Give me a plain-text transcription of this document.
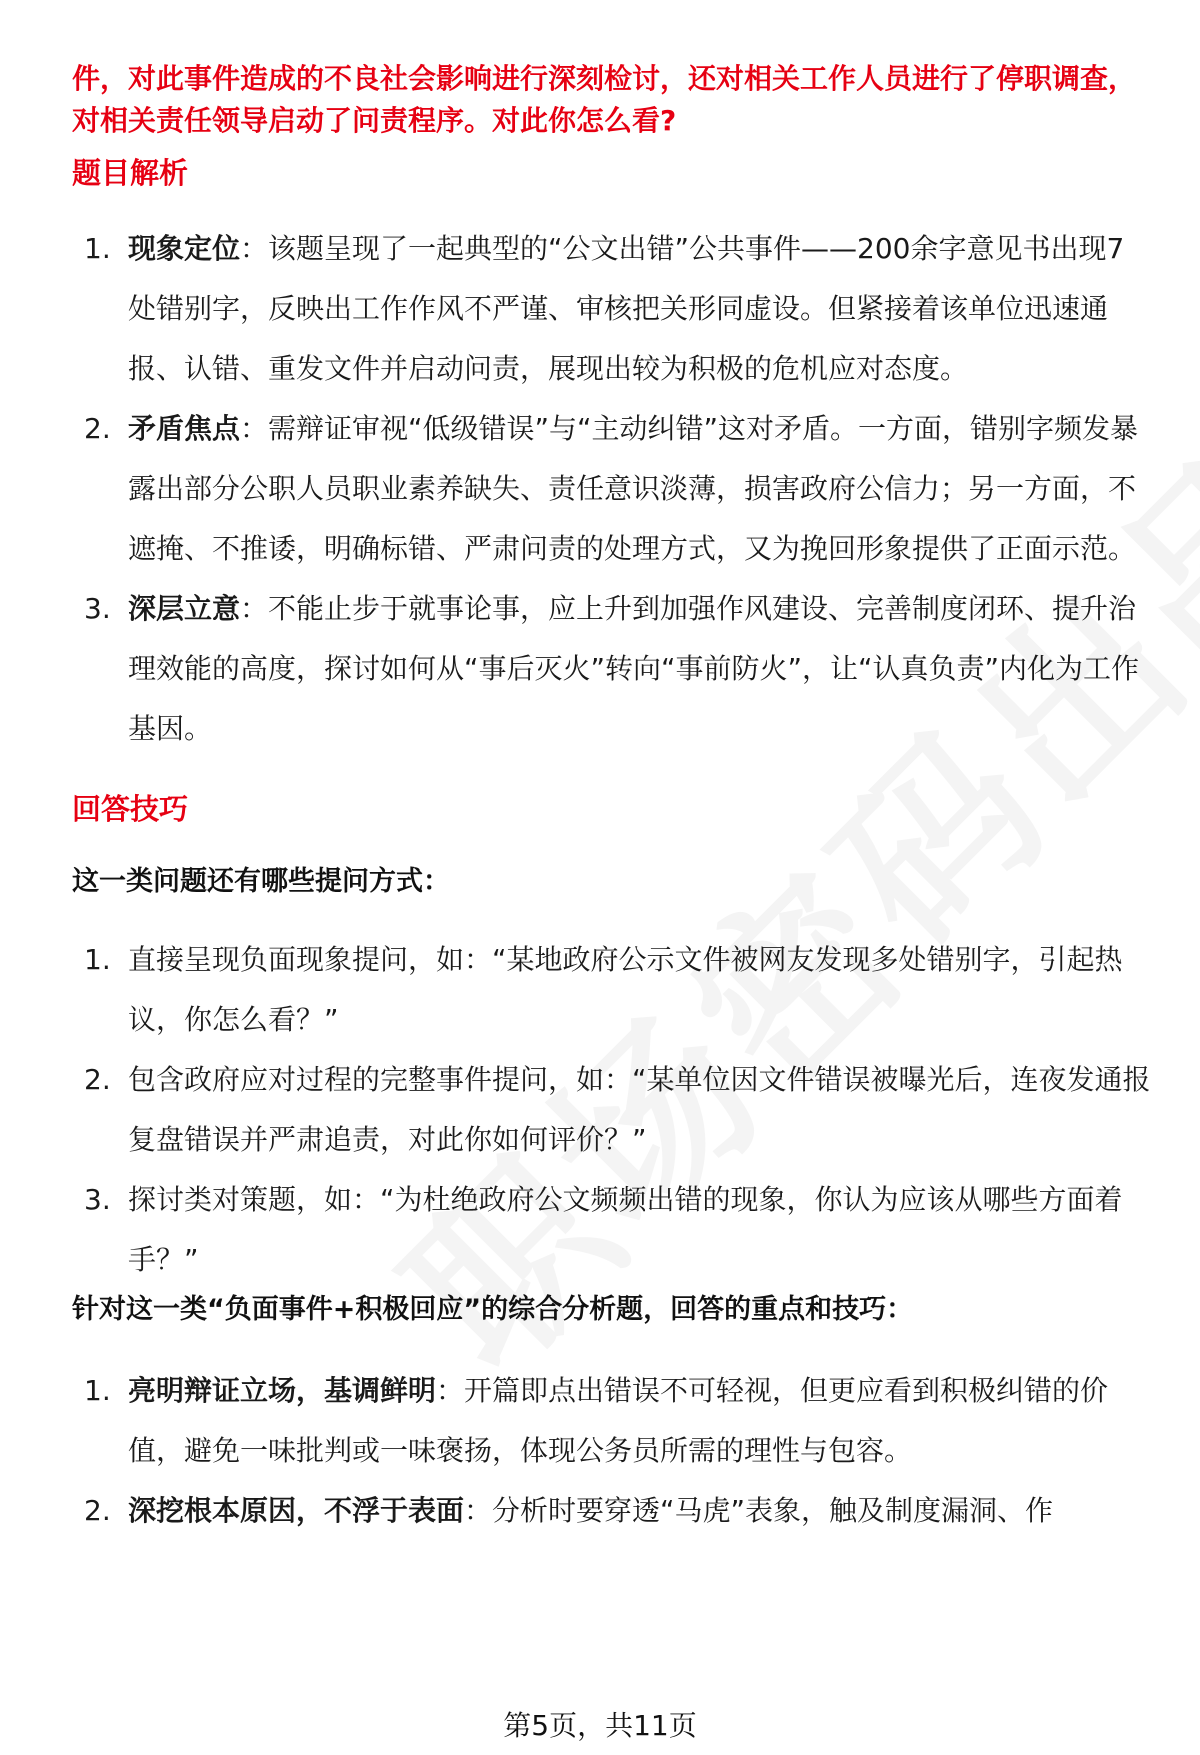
件，对此事件造成的不良社会影响进行深刻检讨，还对相关工作人员进行了停职调查，对相关责任领导启动了问责程序。对此你怎么看?
题目解析
1. 现象定位：该题呈现了一起典型的“公文出错”公共事件——200余字意见书出现7处错别字，反映出工作作风不严谨、审核把关形同虚设。但紧接着该单位迅速通报、认错、重发文件并启动问责，展现出较为积极的危机应对态度。
2. 矛盾焦点：需辩证审视“低级错误”与“主动纠错”这对矛盾。一方面，错别字频发暴露出部分公职人员职业素养缺失、责任意识淡薄，损害政府公信力；另一方面，不遮掩、不推诿，明确标错、严肃问责的处理方式，又为挽回形象提供了正面示范。
3. 深层立意：不能止步于就事论事，应上升到加强作风建设、完善制度闭环、提升治理效能的高度，探讨如何从“事后灭火”转向“事前防火”，让“认真负责”内化为工作基因。
回答技巧
这一类问题还有哪些提问方式：
1. 直接呈现负面现象提问，如：“某地政府公示文件被网友发现多处错别字，引起热议，你怎么看？”
2. 包含政府应对过程的完整事件提问，如：“某单位因文件错误被曝光后，连夜发通报复盘错误并严肃追责，对此你如何评价？”
3. 探讨类对策题，如：“为杜绝政府公文频频出错的现象，你认为应该从哪些方面着手？”
针对这一类“负面事件+积极回应”的综合分析题，回答的重点和技巧：
1. 亮明辩证立场，基调鲜明：开篇即点出错误不可轻视，但更应看到积极纠错的价值，避免一味批判或一味褒扬，体现公务员所需的理性与包容。
2. 深挖根本原因，不浮于表面：分析时要穿透“马虎”表象，触及制度漏洞、作
第5页，共11页
